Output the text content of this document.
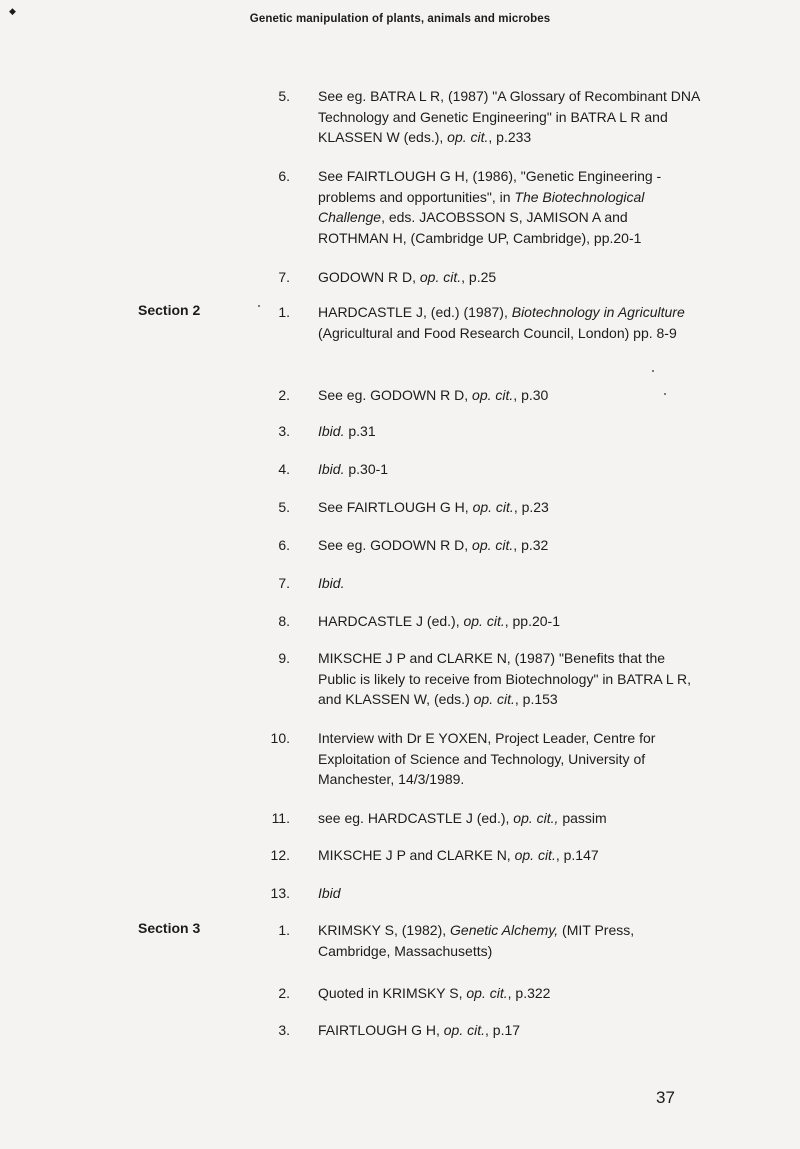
◆
Genetic manipulation of plants, animals and microbes
Section 2
Section 3
5. See eg. BATRA L R, (1987) "A Glossary of Recombinant DNA Technology and Genetic Engineering" in BATRA L R and KLASSEN W (eds.), op. cit., p.233
6. See FAIRTLOUGH G H, (1986), "Genetic Engineering - problems and opportunities", in The Biotechnological Challenge, eds. JACOBSSON S, JAMISON A and ROTHMAN H, (Cambridge UP, Cambridge), pp.20-1
7. GODOWN R D, op. cit., p.25
1. HARDCASTLE J, (ed.) (1987), Biotechnology in Agriculture (Agricultural and Food Research Council, London) pp. 8-9
2. See eg. GODOWN R D, op. cit., p.30
3. Ibid. p.31
4. Ibid. p.30-1
5. See FAIRTLOUGH G H, op. cit., p.23
6. See eg. GODOWN R D, op. cit., p.32
7. Ibid.
8. HARDCASTLE J (ed.), op. cit., pp.20-1
9. MIKSCHE J P and CLARKE N, (1987) "Benefits that the Public is likely to receive from Biotechnology" in BATRA L R, and KLASSEN W, (eds.) op. cit., p.153
10. Interview with Dr E YOXEN, Project Leader, Centre for Exploitation of Science and Technology, University of Manchester, 14/3/1989.
11. see eg. HARDCASTLE J (ed.), op. cit., passim
12. MIKSCHE J P and CLARKE N, op. cit., p.147
13. Ibid
1. KRIMSKY S, (1982), Genetic Alchemy, (MIT Press, Cambridge, Massachusetts)
2. Quoted in KRIMSKY S, op. cit., p.322
3. FAIRTLOUGH G H, op. cit., p.17
37
